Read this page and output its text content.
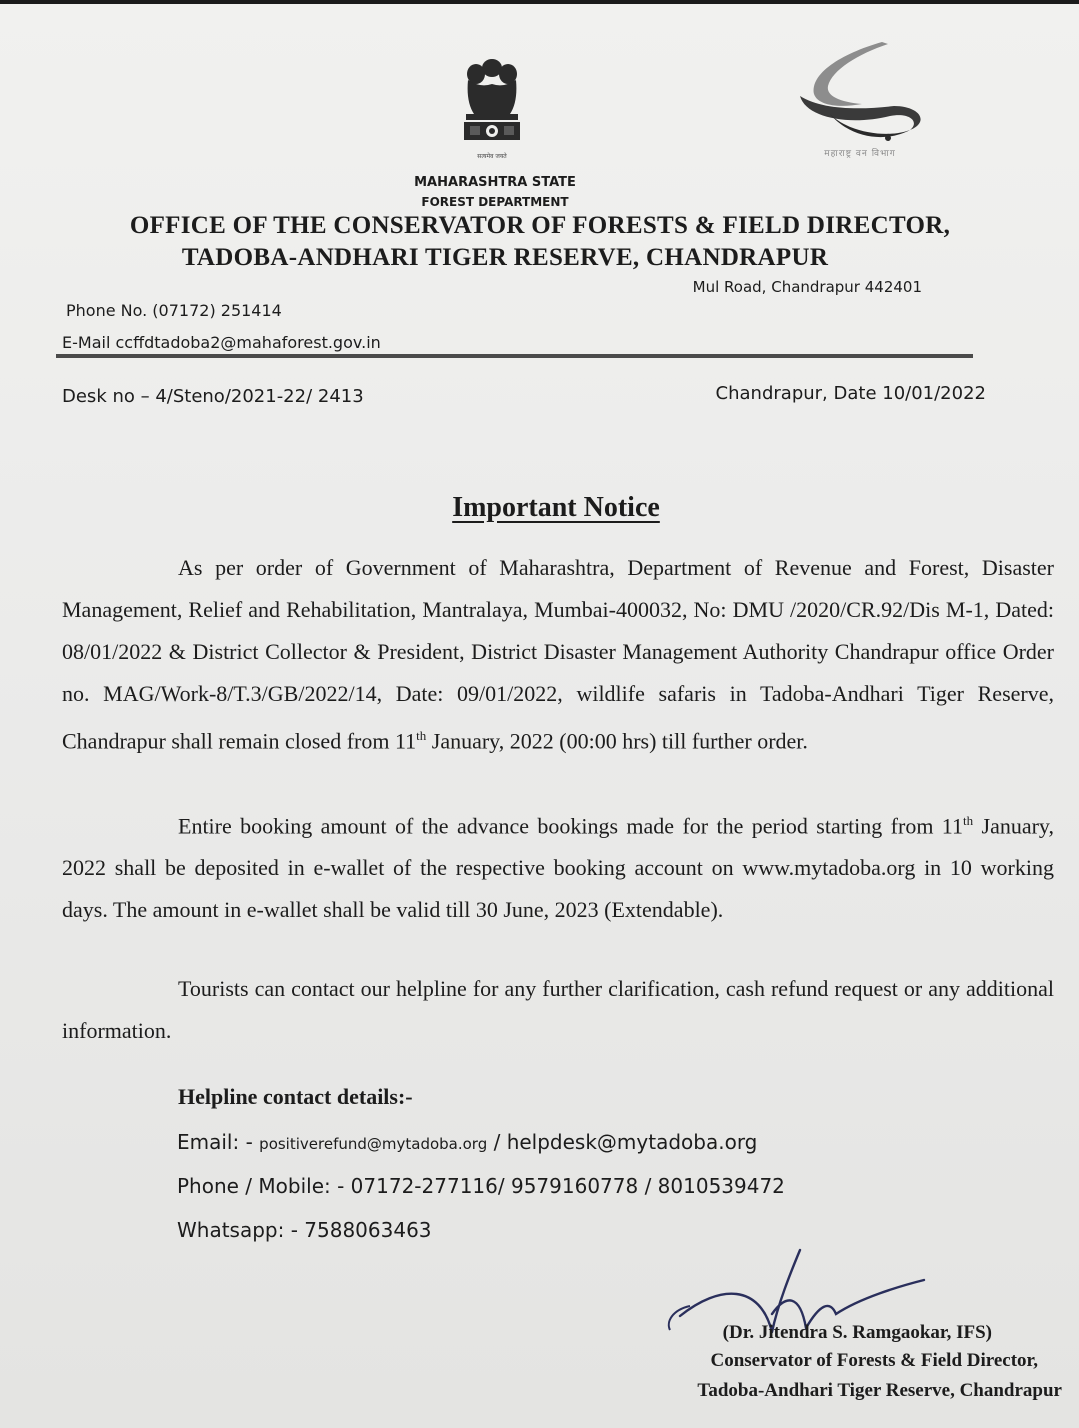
सत्यमेव जयते	महाराष्ट्र वन विभाग
MAHARASHTRA STATE
FOREST DEPARTMENT
OFFICE OF THE CONSERVATOR OF FORESTS & FIELD DIRECTOR,
TADOBA-ANDHARI TIGER RESERVE, CHANDRAPUR
Mul Road, Chandrapur 442401
Phone No. (07172) 251414
E-Mail ccffdtadoba2@mahaforest.gov.in
Desk no – 4/Steno/2021-22/ 2413	Chandrapur, Date 10/01/2022
Important Notice
As per order of Government of Maharashtra, Department of Revenue and Forest, Disaster Management, Relief and Rehabilitation, Mantralaya, Mumbai-400032, No: DMU /2020/CR.92/Dis M-1, Dated: 08/01/2022 & District Collector & President, District Disaster Management Authority Chandrapur office Order no. MAG/Work-8/T.3/GB/2022/14, Date: 09/01/2022, wildlife safaris in Tadoba-Andhari Tiger Reserve, Chandrapur shall remain closed from 11th January, 2022 (00:00 hrs) till further order.
Entire booking amount of the advance bookings made for the period starting from 11th January, 2022 shall be deposited in e-wallet of the respective booking account on www.mytadoba.org in 10 working days. The amount in e-wallet shall be valid till 30 June, 2023 (Extendable).
Tourists can contact our helpline for any further clarification, cash refund request or any additional information.
Helpline contact details:-
Email: - positiverefund@mytadoba.org / helpdesk@mytadoba.org
Phone / Mobile: - 07172-277116/ 9579160778 / 8010539472
Whatsapp: - 7588063463
(Dr. Jitendra S. Ramgaokar, IFS)
Conservator of Forests & Field Director,
Tadoba-Andhari Tiger Reserve, Chandrapur
